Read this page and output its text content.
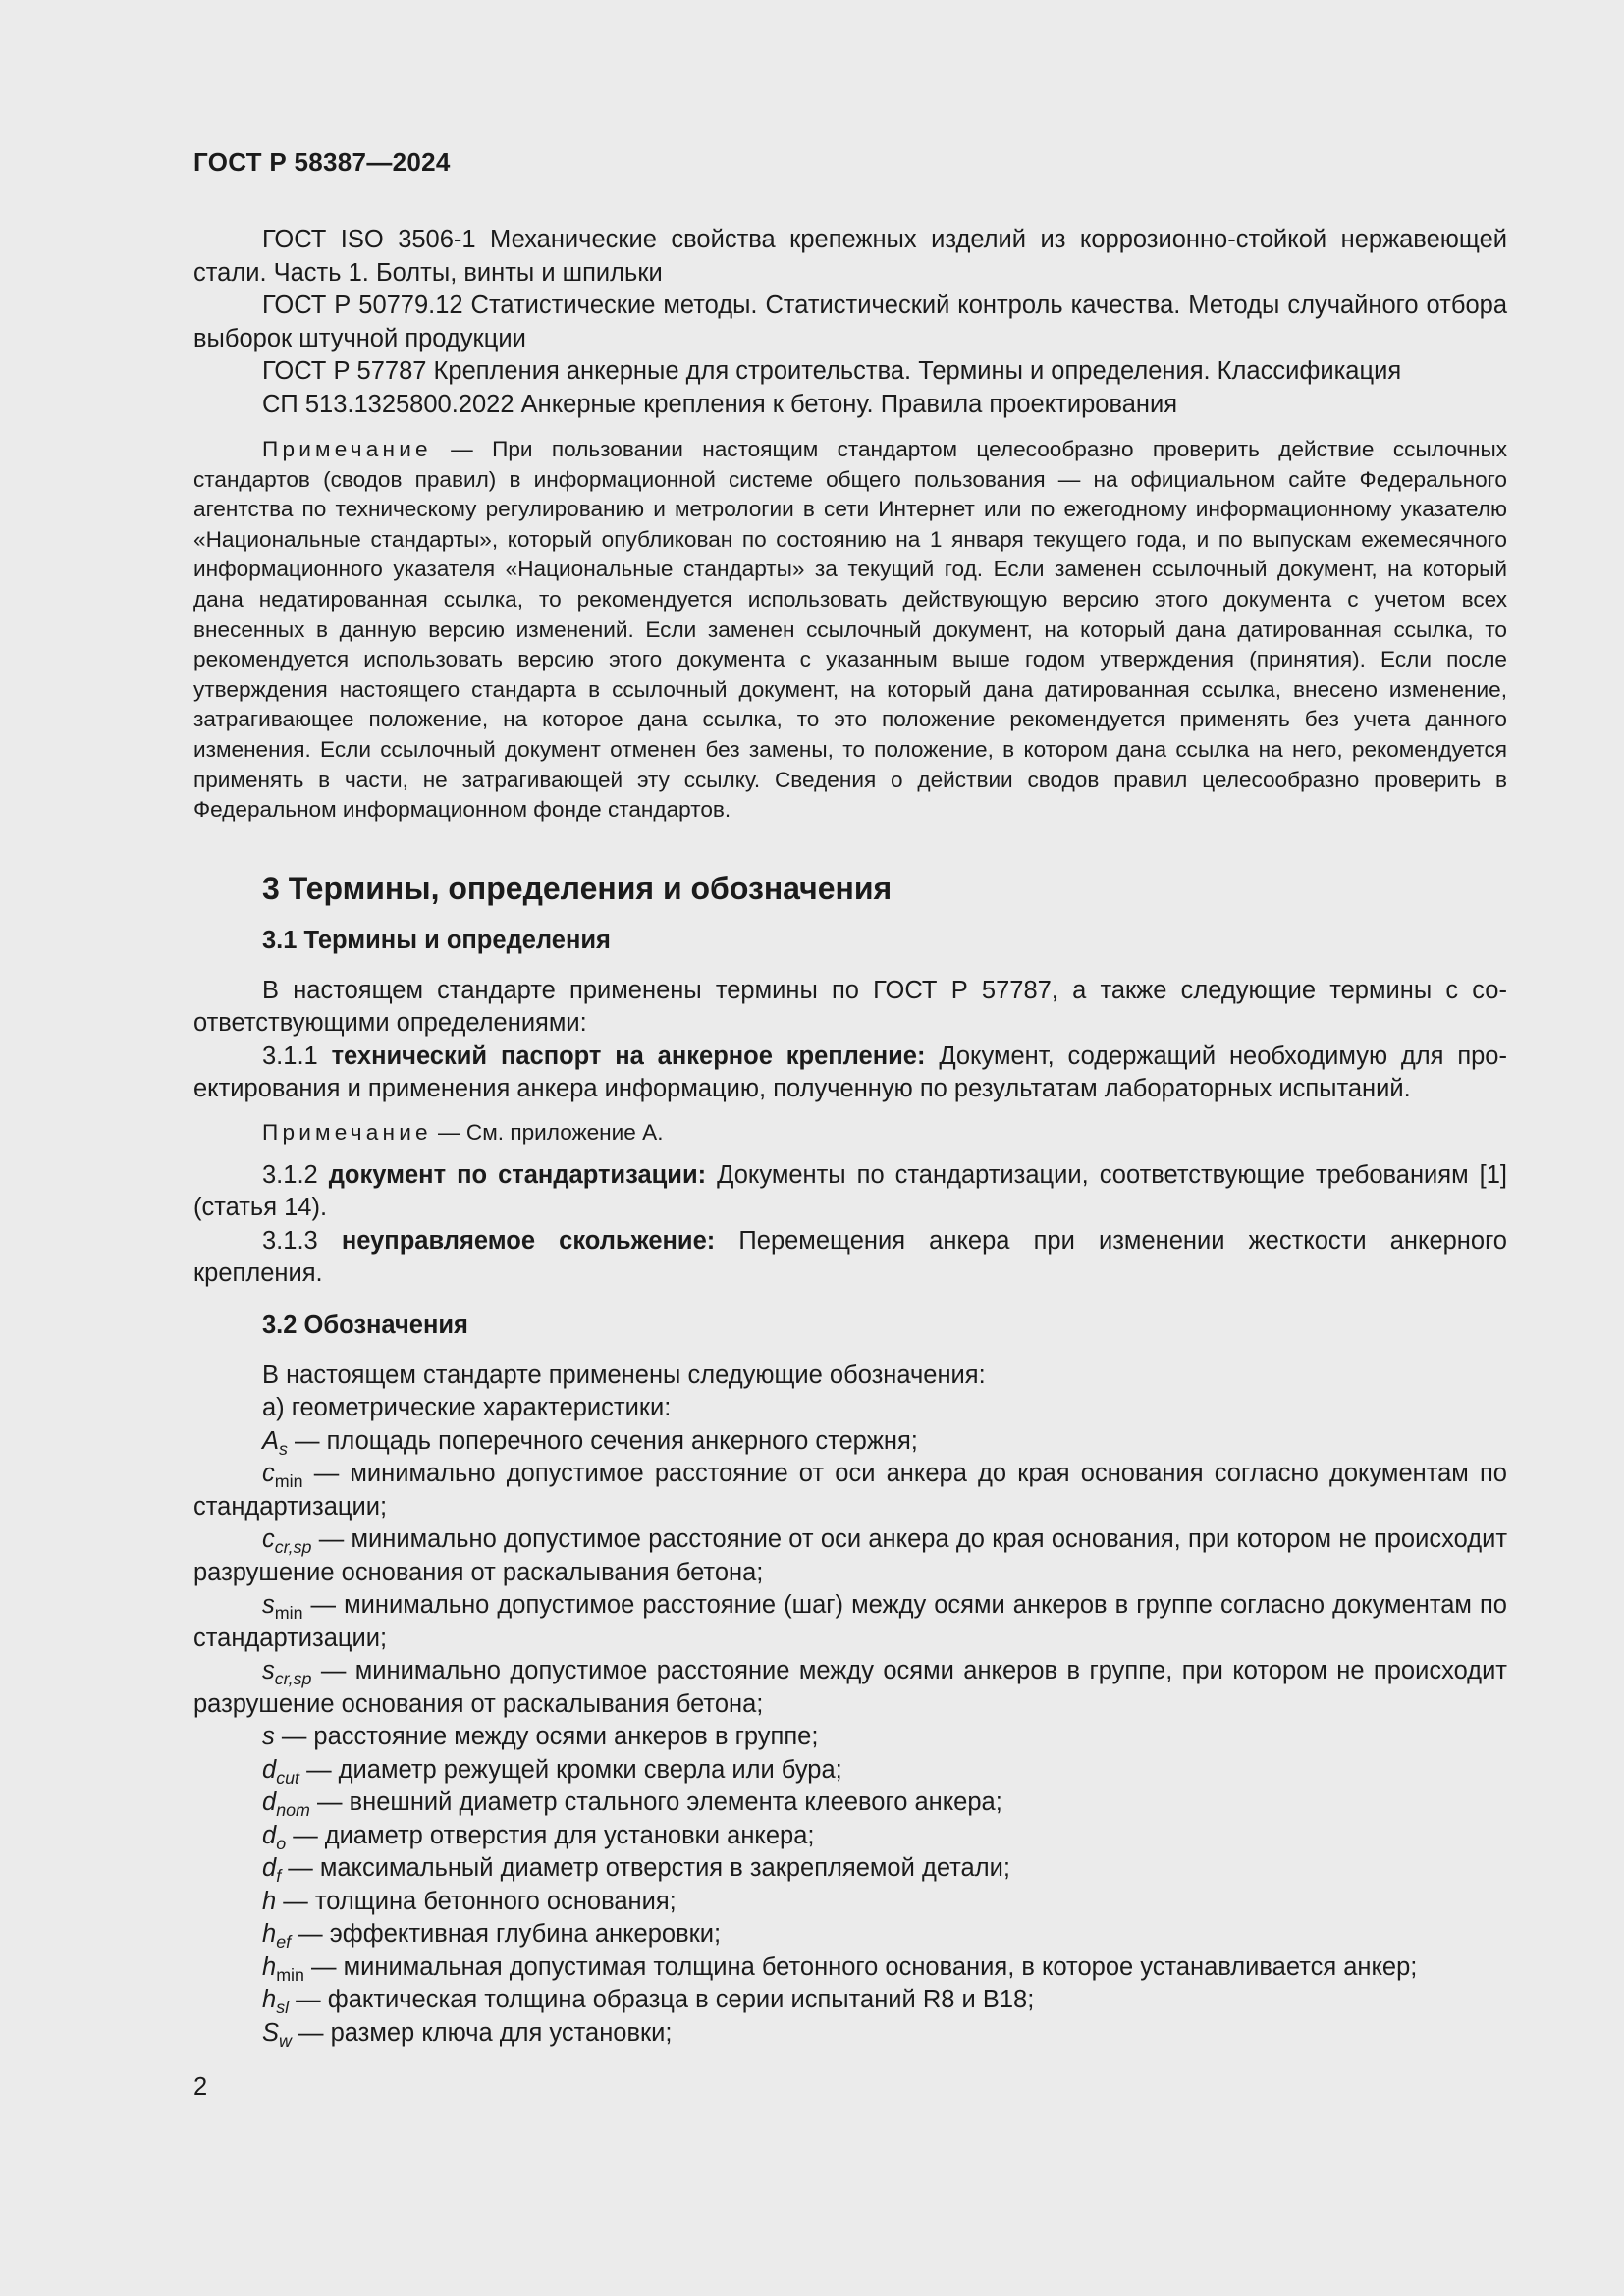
ГОСТ Р 58387—2024

ГОСТ ISO 3506-1 Механические свойства крепежных изделий из коррозионно-стойкой нержавеющей стали. Часть 1. Болты, винты и шпильки

ГОСТ Р 50779.12 Статистические методы. Статистический контроль качества. Методы случайного отбора выборок штучной продукции

ГОСТ Р 57787 Крепления анкерные для строительства. Термины и определения. Классификация

СП 513.1325800.2022 Анкерные крепления к бетону. Правила проектирования

Примечание — При пользовании настоящим стандартом целесообразно проверить действие ссылочных стандартов (сводов правил) в информационной системе общего пользования — на официальном сайте Федерального агентства по техническому регулированию и метрологии в сети Интернет или по ежегодному информационному указателю «Национальные стандарты», который опубликован по состоянию на 1 января текущего года, и по выпускам ежемесячного информационного указателя «Национальные стандарты» за текущий год. Если заменен ссылочный документ, на который дана недатированная ссылка, то рекомендуется использовать действующую версию этого документа с учетом всех внесенных в данную версию изменений. Если заменен ссылочный документ, на который дана датированная ссылка, то рекомендуется использовать версию этого документа с указанным выше годом утверждения (принятия). Если после утверждения настоящего стандарта в ссылочный документ, на который дана датированная ссылка, внесено изменение, затрагивающее положение, на которое дана ссылка, то это положение рекомендуется применять без учета данного изменения. Если ссылочный документ отменен без замены, то положение, в котором дана ссылка на него, рекомендуется применять в части, не затрагивающей эту ссылку. Сведения о действии сводов правил целесообразно проверить в Федеральном информационном фонде стандартов.

3 Термины, определения и обозначения
3.1 Термины и определения

В настоящем стандарте применены термины по ГОСТ Р 57787, а также следующие термины с соответствующими определениями:

3.1.1 технический паспорт на анкерное крепление: Документ, содержащий необходимую для проектирования и применения анкера информацию, полученную по результатам лабораторных испытаний.

Примечание — См. приложение А.

3.1.2 документ по стандартизации: Документы по стандартизации, соответствующие требованиям [1] (статья 14).

3.1.3 неуправляемое скольжение: Перемещения анкера при изменении жесткости анкерного крепления.

3.2 Обозначения

В настоящем стандарте применены следующие обозначения:

а) геометрические характеристики:

$A_s$ — площадь поперечного сечения анкерного стержня;

$c_{min}$ — минимально допустимое расстояние от оси анкера до края основания согласно документам по стандартизации;

$c_{cr,sp}$ — минимально допустимое расстояние от оси анкера до края основания, при котором не происходит разрушение основания от раскалывания бетона;

$s_{min}$ — минимально допустимое расстояние (шаг) между осями анкеров в группе согласно документам по стандартизации;

$s_{cr,sp}$ — минимально допустимое расстояние между осями анкеров в группе, при котором не происходит разрушение основания от раскалывания бетона;

s — расстояние между осями анкеров в группе;

$d_{cut}$ — диаметр режущей кромки сверла или бура;

$d_{nom}$ — внешний диаметр стального элемента клеевого анкера;

$d_o$ — диаметр отверстия для установки анкера;

$d_f$ — максимальный диаметр отверстия в закрепляемой детали;

h — толщина бетонного основания;

$h_{ef}$ — эффективная глубина анкеровки;

$h_{min}$ — минимальная допустимая толщина бетонного основания, в которое устанавливается анкер;

$h_{sl}$ — фактическая толщина образца в серии испытаний R8 и B18;

$S_w$ — размер ключа для установки;

2
